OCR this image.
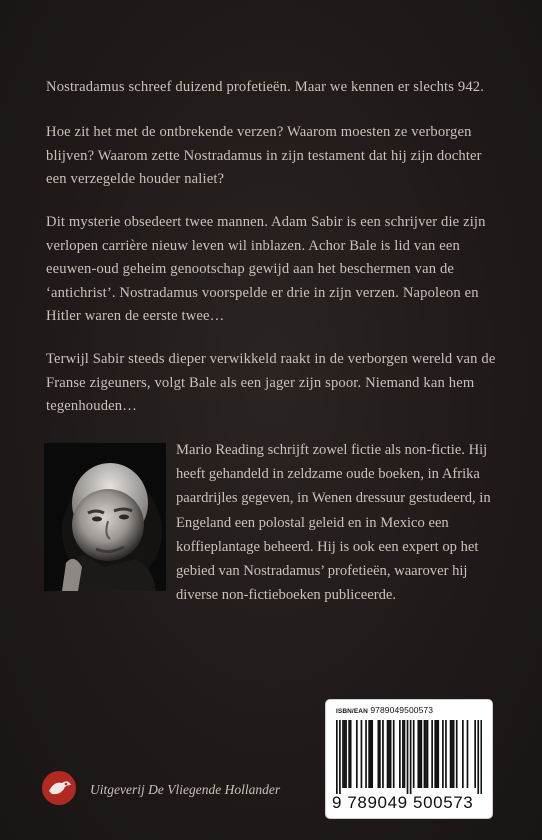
Nostradamus schreef duizend profetieën. Maar we kennen er slechts 942.

Hoe zit het met de ontbrekende verzen? Waarom moesten ze verborgen blijven? Waarom zette Nostradamus in zijn testament dat hij zijn dochter een verzegelde houder naliet?

Dit mysterie obsedeert twee mannen. Adam Sabir is een schrijver die zijn verlopen carrière nieuw leven wil inblazen. Achor Bale is lid van een eeuwen-oud geheim genootschap gewijd aan het beschermen van de ‘antichrist’. Nostradamus voorspelde er drie in zijn verzen. Napoleon en Hitler waren de eerste twee…

Terwijl Sabir steeds dieper verwikkeld raakt in de verborgen wereld van de Franse zigeuners, volgt Bale als een jager zijn spoor. Niemand kan hem tegenhouden…

Mario Reading schrijft zowel fictie als non-fictie. Hij heeft gehandeld in zeldzame oude boeken, in Afrika paardrijles gegeven, in Wenen dressuur gestudeerd, in Engeland een polostal geleid en in Mexico een koffieplantage beheerd. Hij is ook een expert op het gebied van Nostradamus’ profetieën, waarover hij diverse non-fictieboeken publiceerde.

ISBN/EAN 9789049500573
9 789049 500573
Uitgeverij De Vliegende Hollander
